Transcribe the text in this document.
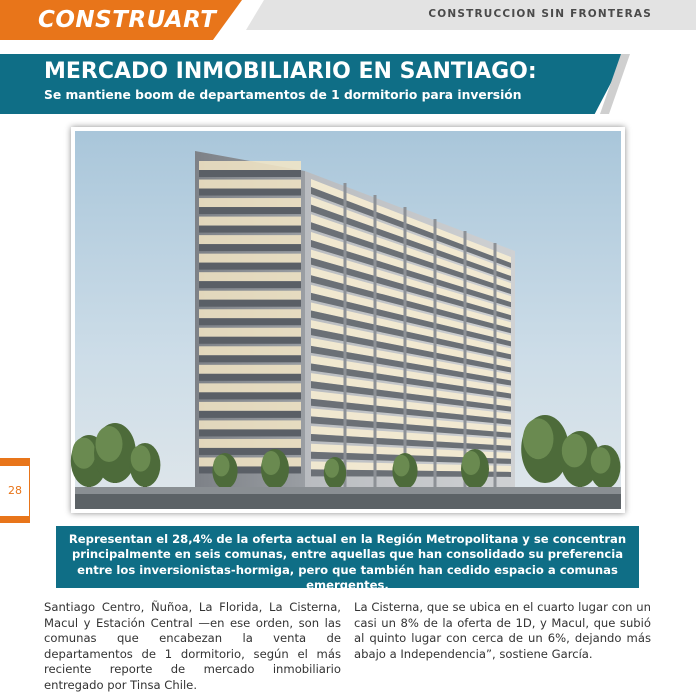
CONSTRUART	CONSTRUCCION SIN FRONTERAS
MERCADO INMOBILIARIO EN SANTIAGO:
Se mantiene boom de departamentos de 1 dormitorio para inversión
28

Representan el 28,4% de la oferta actual en la Región Metropolitana y se concentran principalmente en seis comunas, entre aquellas que han consolidado su preferencia entre los inversionistas-hormiga, pero que también han cedido espacio a comunas emergentes.

Santiago Centro, Ñuñoa, La Florida, La Cisterna, Macul y Estación Central —en ese orden, son las comunas que encabezan la venta de departamentos de 1 dormitorio, según el más reciente reporte de mercado inmobiliario entregado por Tinsa Chile.

La Cisterna, que se ubica en el cuarto lugar con un casi un 8% de la oferta de 1D, y Macul, que subió al quinto lugar con cerca de un 6%, dejando más abajo a Independencia”, sostiene García.
